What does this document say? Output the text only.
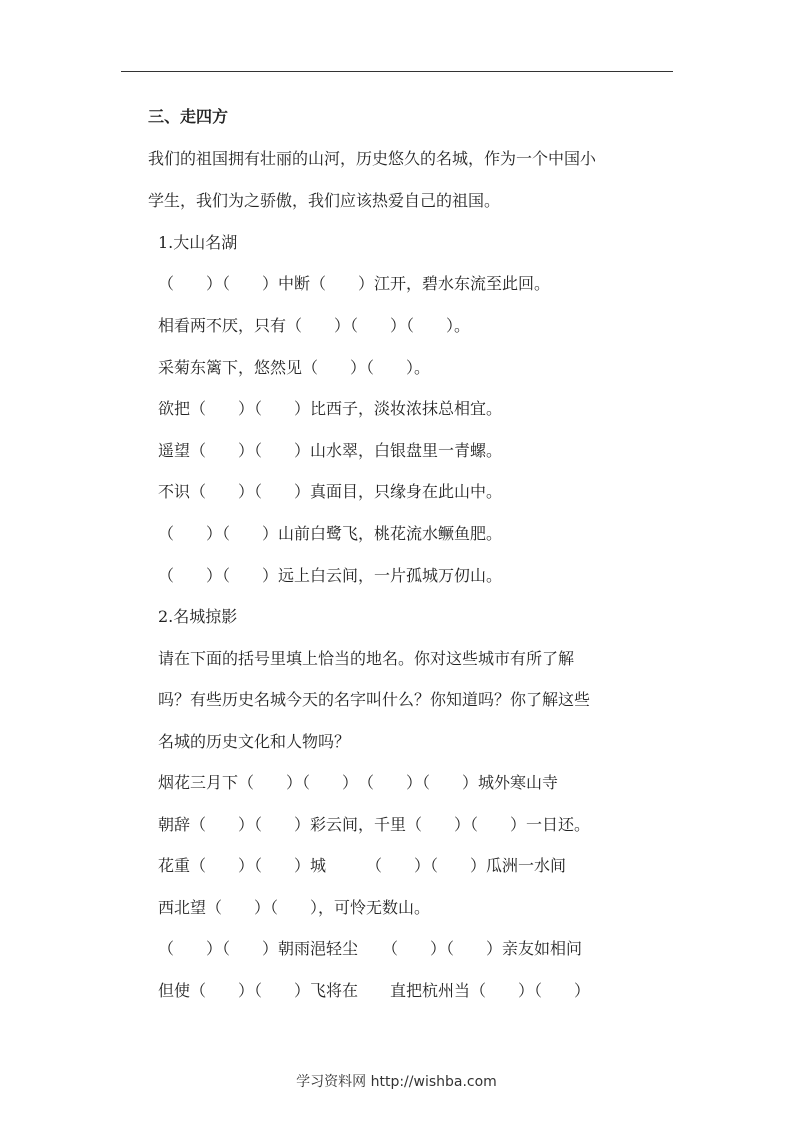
三、走四方
我们的祖国拥有壮丽的山河，历史悠久的名城，作为一个中国小
学生，我们为之骄傲，我们应该热爱自己的祖国。
1.大山名湖
（　　）（　　）中断（　　）江开，碧水东流至此回。
相看两不厌，只有（　　）（　　）（　　）。
采菊东篱下，悠然见（　　）（　　）。
欲把（　　）（　　）比西子，淡妆浓抹总相宜。
遥望（　　）（　　）山水翠，白银盘里一青螺。
不识（　　）（　　）真面目，只缘身在此山中。
（　　）（　　）山前白鹭飞，桃花流水鳜鱼肥。
（　　）（　　）远上白云间，一片孤城万仞山。
2.名城掠影
请在下面的括号里填上恰当的地名。你对这些城市有所了解
吗？有些历史名城今天的名字叫什么？你知道吗？你了解这些
名城的历史文化和人物吗？
烟花三月下（　　）（　　）　（　　）（　　）城外寒山寺
朝辞（　　）（　　）彩云间，千里（　　）（　　）一日还。
花重（　　）（　　）城　　　（　　）（　　）瓜洲一水间
西北望（　　）（　　），可怜无数山。
（　　）（　　）朝雨浥轻尘　　（　　）（　　）亲友如相问
但使（　　）（　　）飞将在　　直把杭州当（　　）（　　）
学习资料网 http://wishba.com
